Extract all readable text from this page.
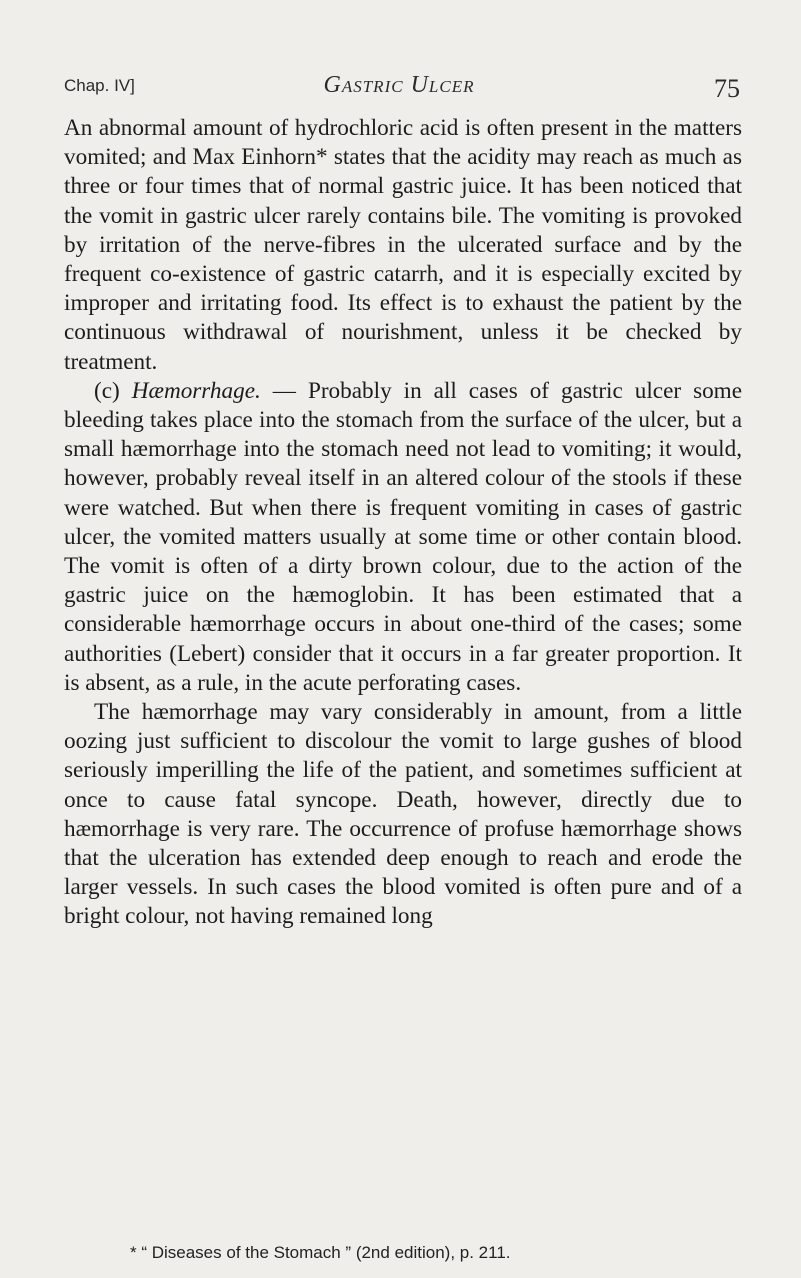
Chap. IV]	Gastric Ulcer	75

An abnormal amount of hydrochloric acid is often present in the matters vomited; and Max Einhorn* states that the acidity may reach as much as three or four times that of normal gastric juice. It has been noticed that the vomit in gastric ulcer rarely contains bile. The vomiting is provoked by irritation of the nerve-fibres in the ulcerated surface and by the frequent co-existence of gastric catarrh, and it is especially excited by improper and irritating food. Its effect is to exhaust the patient by the continuous withdrawal of nourishment, unless it be checked by treatment.

(c) Hæmorrhage. — Probably in all cases of gastric ulcer some bleeding takes place into the stomach from the surface of the ulcer, but a small hæmorrhage into the stomach need not lead to vomiting; it would, however, probably reveal itself in an altered colour of the stools if these were watched. But when there is frequent vomiting in cases of gastric ulcer, the vomited matters usually at some time or other contain blood. The vomit is often of a dirty brown colour, due to the action of the gastric juice on the hæmoglobin. It has been estimated that a considerable hæmorrhage occurs in about one-third of the cases; some authorities (Lebert) consider that it occurs in a far greater proportion. It is absent, as a rule, in the acute perforating cases.

The hæmorrhage may vary considerably in amount, from a little oozing just sufficient to discolour the vomit to large gushes of blood seriously imperilling the life of the patient, and sometimes sufficient at once to cause fatal syncope. Death, however, directly due to hæmorrhage is very rare. The occurrence of profuse hæmorrhage shows that the ulceration has extended deep enough to reach and erode the larger vessels. In such cases the blood vomited is often pure and of a bright colour, not having remained long

* “ Diseases of the Stomach ” (2nd edition), p. 211.
